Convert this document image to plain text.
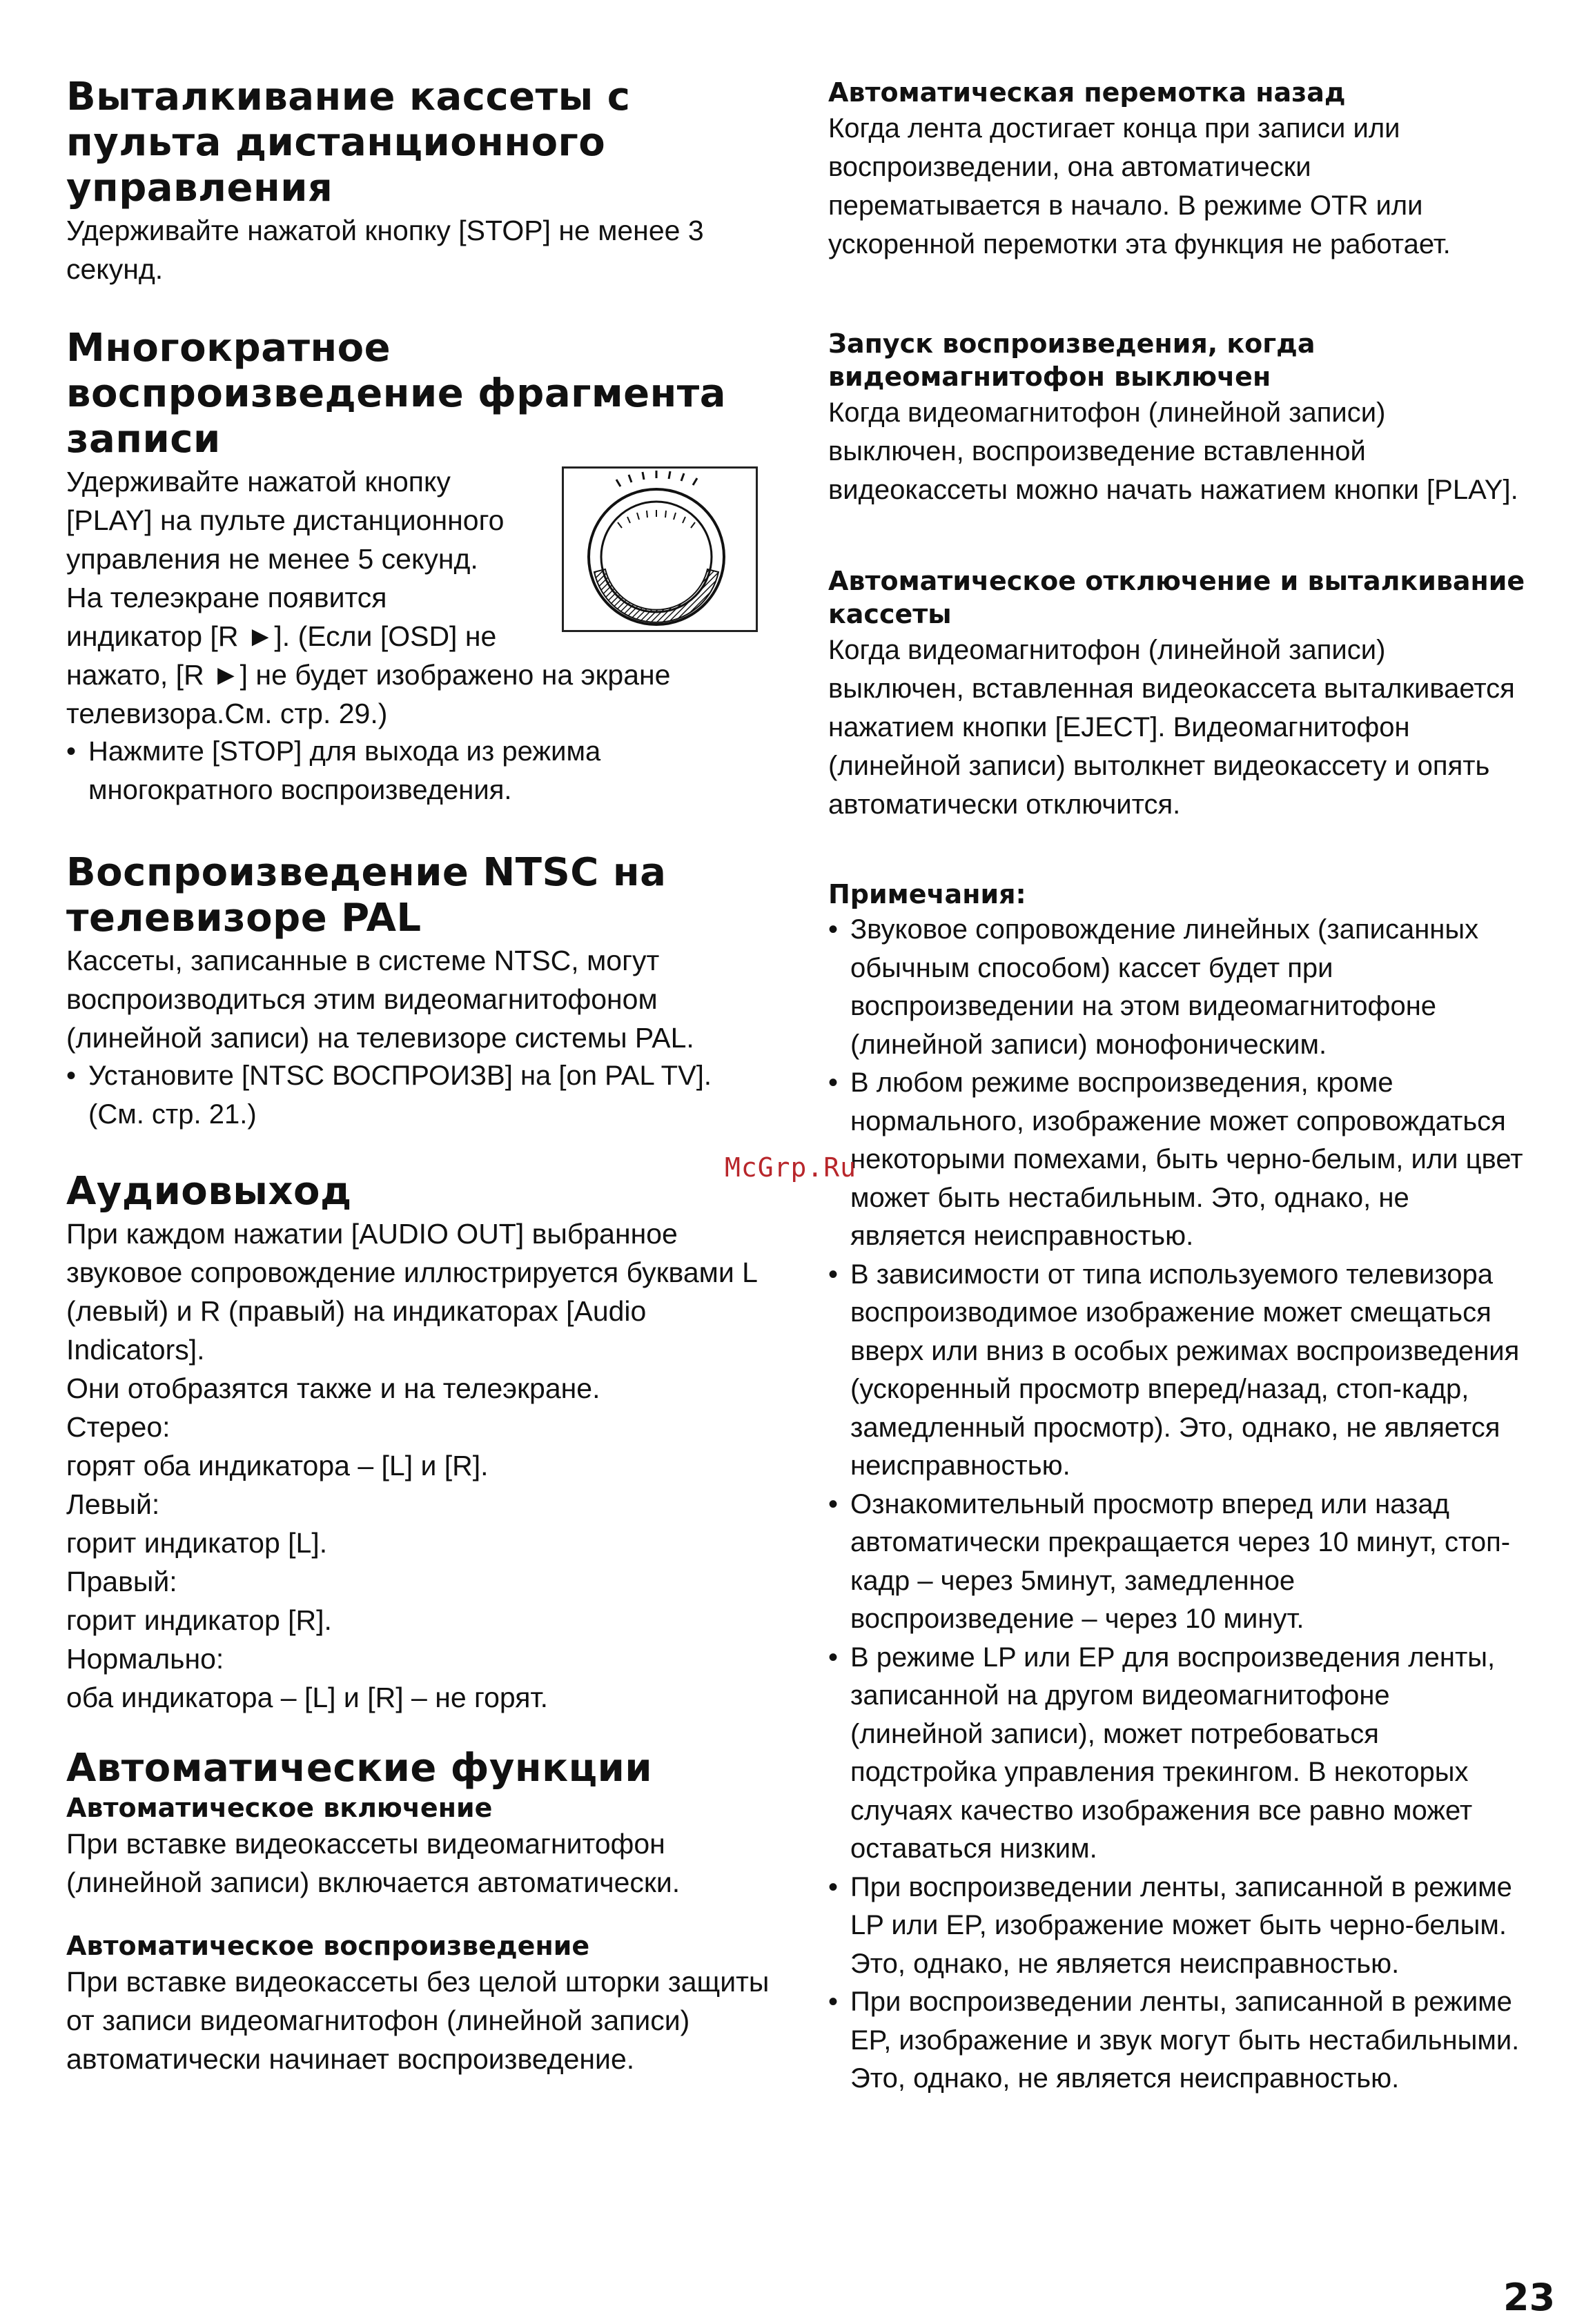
Выталкивание кассеты с пульта дистанционного управления

Удерживайте нажатой кнопку [STOP] не менее 3 секунд.

Многократное воспроизведение фрагмента записи

Удерживайте нажатой кнопку

[PLAY] на пульте дистанционного

управления не менее 5 секунд.

На телеэкране появится

индикатор [R ►]. (Если [OSD] не

нажато, [R ►] не будет изображено на экране телевизора.См. стр. 29.)

• Нажмите [STOP] для выхода из режима многократного воспроизведения.
Воспроизведение NTSC на телевизоре PAL

Кассеты, записанные в системе NTSC, могут воспроизводиться этим видеомагнитофоном (линейной записи) на телевизоре системы PAL.

• Установите [NTSC ВОСПРОИЗВ] на [on PAL TV]. (См. стр. 21.)
Аудиовыход

При каждом нажатии [AUDIO OUT] выбранное звуковое сопровождение иллюстрируется буквами L (левый) и R (правый) на индикаторах [Audio Indicators].

Они отобразятся также и на телеэкране.

Стерео:

горят оба индикатора – [L] и [R].

Левый:

горит индикатор [L].

Правый:

горит индикатор [R].

Нормально:

оба индикатора – [L] и [R] – не горят.

Автоматические функции
Автоматическое включение

При вставке видеокассеты видеомагнитофон (линейной записи) включается автоматически.

Автоматическое воспроизведение

При вставке видеокассеты без целой шторки защиты от записи видеомагнитофон (линейной записи) автоматически начинает воспроизведение.

Автоматическая перемотка назад

Когда лента достигает конца при записи или воспроизведении, она автоматически перематывается в начало. В режиме OTR или ускоренной перемотки эта функция не работает.

Запуск воспроизведения, когда видеомагнитофон выключен

Когда видеомагнитофон (линейной записи) выключен, воспроизведение вставленной видеокассеты можно начать нажатием кнопки [PLAY].

Автоматическое отключение и выталкивание кассеты

Когда видеомагнитофон (линейной записи) выключен, вставленная видеокассета выталкивается нажатием кнопки [EJECT]. Видеомагнитофон (линейной записи) вытолкнет видеокассету и опять автоматически отключится.

Примечания:
• Звуковое сопровождение линейных (записанных обычным способом) кассет будет при воспроизведении на этом видеомагнитофоне (линейной записи) монофоническим.
• В любом режиме воспроизведения, кроме нормального, изображение может сопровождаться некоторыми помехами, быть черно-белым, или цвет может быть нестабильным. Это, однако, не является неисправностью.
• В зависимости от типа используемого телевизора воспроизводимое изображение может смещаться вверх или вниз в особых режимах воспроизведения (ускоренный просмотр вперед/назад, стоп-кадр, замедленный просмотр). Это, однако, не является неисправностью.
• Ознакомительный просмотр вперед или назад автоматически прекращается через 10 минут, стоп-кадр – через 5минут, замедленное воспроизведение – через 10 минут.
• В режиме LP или EP для воспроизведения ленты, записанной на другом видеомагнитофоне (линейной записи), может потребоваться подстройка управления трекингом. В некоторых случаях качество изображения все равно может оставаться низким.
• При воспроизведении ленты, записанной в режиме LP или EP, изображение может быть черно-белым. Это, однако, не является неисправностью.
• При воспроизведении ленты, записанной в режиме EP, изображение и звук могут быть нестабильными. Это, однако, не является неисправностью.
McGrp.Ru
23
